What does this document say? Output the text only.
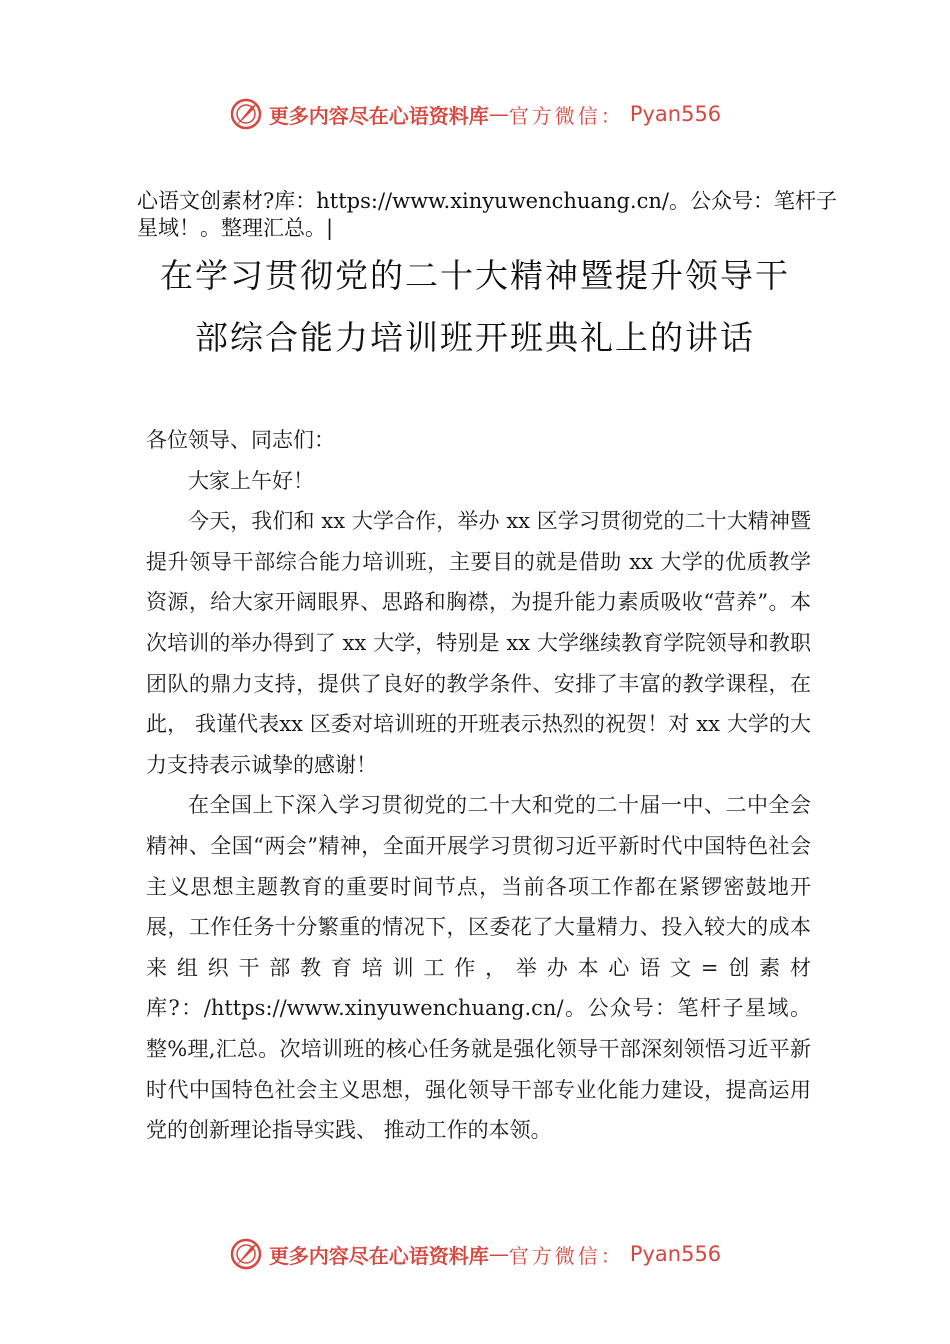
更多内容尽在心语资料库 — 官方微信： Pyan556
心语文创素材?库：https://www.xinyuwenchuang.cn/。公众号：笔杆子星域！。整理汇总。|
在学习贯彻党的二十大精神暨提升领导干
部综合能力培训班开班典礼上的讲话

各位领导、同志们：

大家上午好！

今天，我们和 xx 大学合作，举办 xx 区学习贯彻党的二十大精神暨提升领导干部综合能力培训班，主要目的就是借助 xx 大学的优质教学资源，给大家开阔眼界、思路和胸襟，为提升能力素质吸收“营养”。本次培训的举办得到了 xx 大学，特别是 xx 大学继续教育学院领导和教职团队的鼎力支持，提供了良好的教学条件、安排了丰富的教学课程，在此， 我谨代表xx 区委对培训班的开班表示热烈的祝贺！对 xx 大学的大力支持表示诚挚的感谢！

在全国上下深入学习贯彻党的二十大和党的二十届一中、二中全会精神、全国“两会”精神，全面开展学习贯彻习近平新时代中国特色社会主义思想主题教育的重要时间节点，当前各项工作都在紧锣密鼓地开展，工作任务十分繁重的情况下，区委花了大量精力、投入较大的成本来组织干部教育培训工作，举办本心语文=创素材库?：/https://www.xinyuwenchuang.cn/。公众号：笔杆子星域。整%理,汇总。次培训班的核心任务就是强化领导干部深刻领悟习近平新时代中国特色社会主义思想，强化领导干部专业化能力建设，提高运用党的创新理论指导实践、 推动工作的本领。

更多内容尽在心语资料库 — 官方微信： Pyan556
